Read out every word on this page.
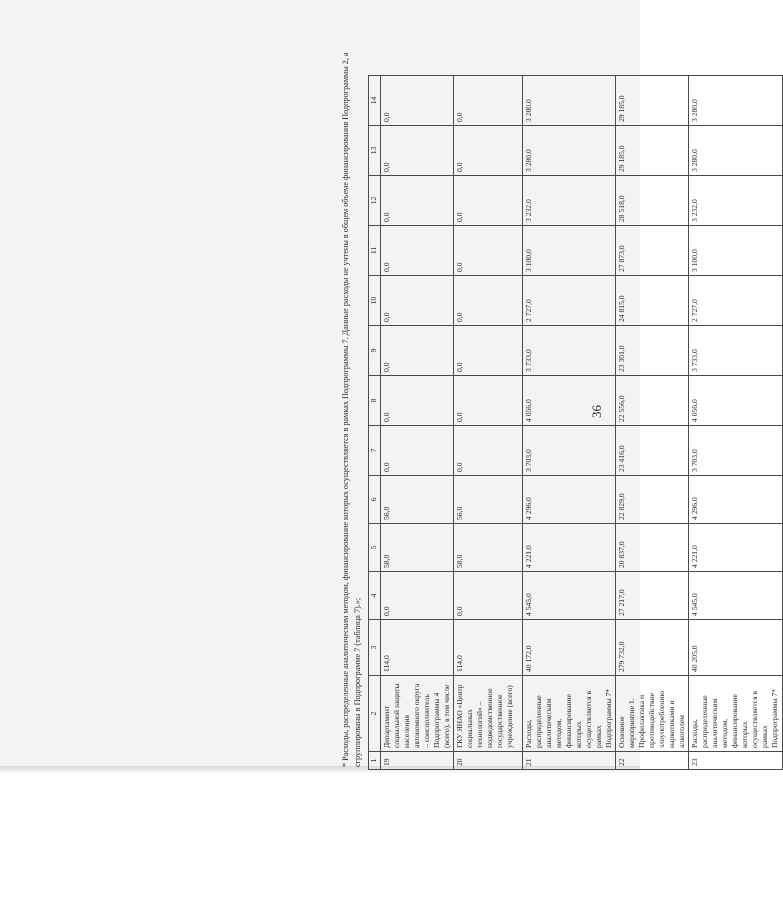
36
1	2	3	4	5	6	7	8	9	10	11	12	13	14
19	Департамент социальной защиты населения автономного округа – соисполнитель Подпрограммы 4 (всего), в том числе	114,0	0,0	58,0	56,0	0,0	0,0	0,0	0,0	0,0	0,0	0,0	0,0
20	ГКУ ЯНАО «Центр социальных технологий» – подведомственное государственное учреждение (всего)	114,0	0,0	58,0	56,0	0,0	0,0	0,0	0,0	0,0	0,0	0,0	0,0
21	Расходы, распределенные аналитическим методом, финансирование которых осуществляется в рамках Подпрограммы 7*	40 172,0	4 545,0	4 221,0	4 296,0	3 703,0	4 056,0	3 733,0	2 727,0	3 100,0	3 232,0	3 280,0	3 280,0
22	Основное мероприятие 1. Профилактика и противодействие злоупотреблению наркотиками и алкоголем	279 732,0	27 217,0	20 837,0	22 829,0	23 416,0	22 556,0	23 301,0	24 815,0	27 873,0	28 518,0	29 185,0	29 185,0
23	Расходы, распределенные аналитическим методом, финансирование которых осуществляется в рамках Подпрограммы 7*	40 205,0	4 545,0	4 221,0	4 296,0	3 703,0	4 056,0	3 733,0	2 727,0	3 100,0	3 232,0	3 280,0	3 280,0
* Расходы, распределенные аналитическим методом, финансирование которых осуществляется в рамках Подпрограммы 7. Данные расходы не учтены в общем объеме финансирования Подпрограммы 2, а сгруппированы в Подпрограмме 7 (таблица 7).»;
